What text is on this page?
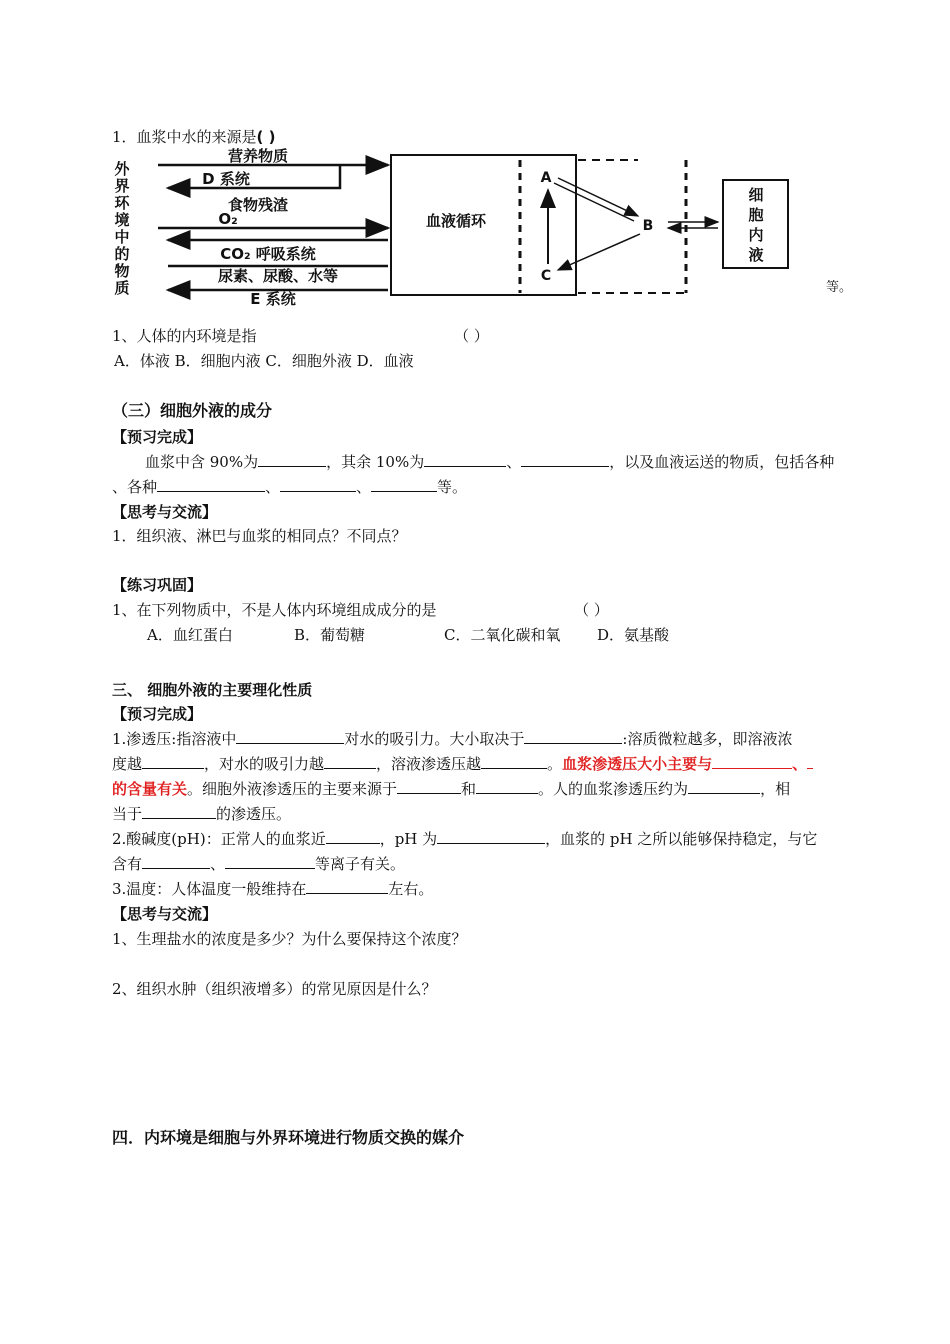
1．血浆中水的来源是( )
外
界
环
境
中
的
物
质
营养物质
D 系统
食物残渣
O₂
CO₂ 呼吸系统
尿素、尿酸、水等
E 系统
血液循环
A
C
B
细
胞
内
液
等。
1、人体的内环境是指	（ ）
A．体液 B．细胞内液 C．细胞外液 D．血液
（三）细胞外液的成分
【预习完成】
血浆中含 90%为	，其余 10%为	、	，以及血液运送的物质，包括各种
、各种	、	、	等。
【思考与交流】
1．组织液、淋巴与血浆的相同点？不同点？
【练习巩固】
1、在下列物质中，不是人体内环境组成成分的是	（ ）
A．血红蛋白	B．葡萄糖	C．二氧化碳和氧 D．氨基酸
三、 细胞外液的主要理化性质
【预习完成】
1.渗透压:指溶液中	对水的吸引力。大小取决于	:溶质微粒越多，即溶液浓
度越	，对水的吸引力越	，溶液渗透压越	。血浆渗透压大小主要与	、
的含量有关。细胞外液渗透压的主要来源于	和	。人的血浆渗透压约为	，相
当于	的渗透压。
2.酸碱度(pH)：正常人的血浆近	，pH 为	，血浆的 pH 之所以能够保持稳定，与它
含有	、	等离子有关。
3.温度：人体温度一般维持在	左右。
【思考与交流】
1、生理盐水的浓度是多少？为什么要保持这个浓度？
2、组织水肿（组织液增多）的常见原因是什么？
四．内环境是细胞与外界环境进行物质交换的媒介
